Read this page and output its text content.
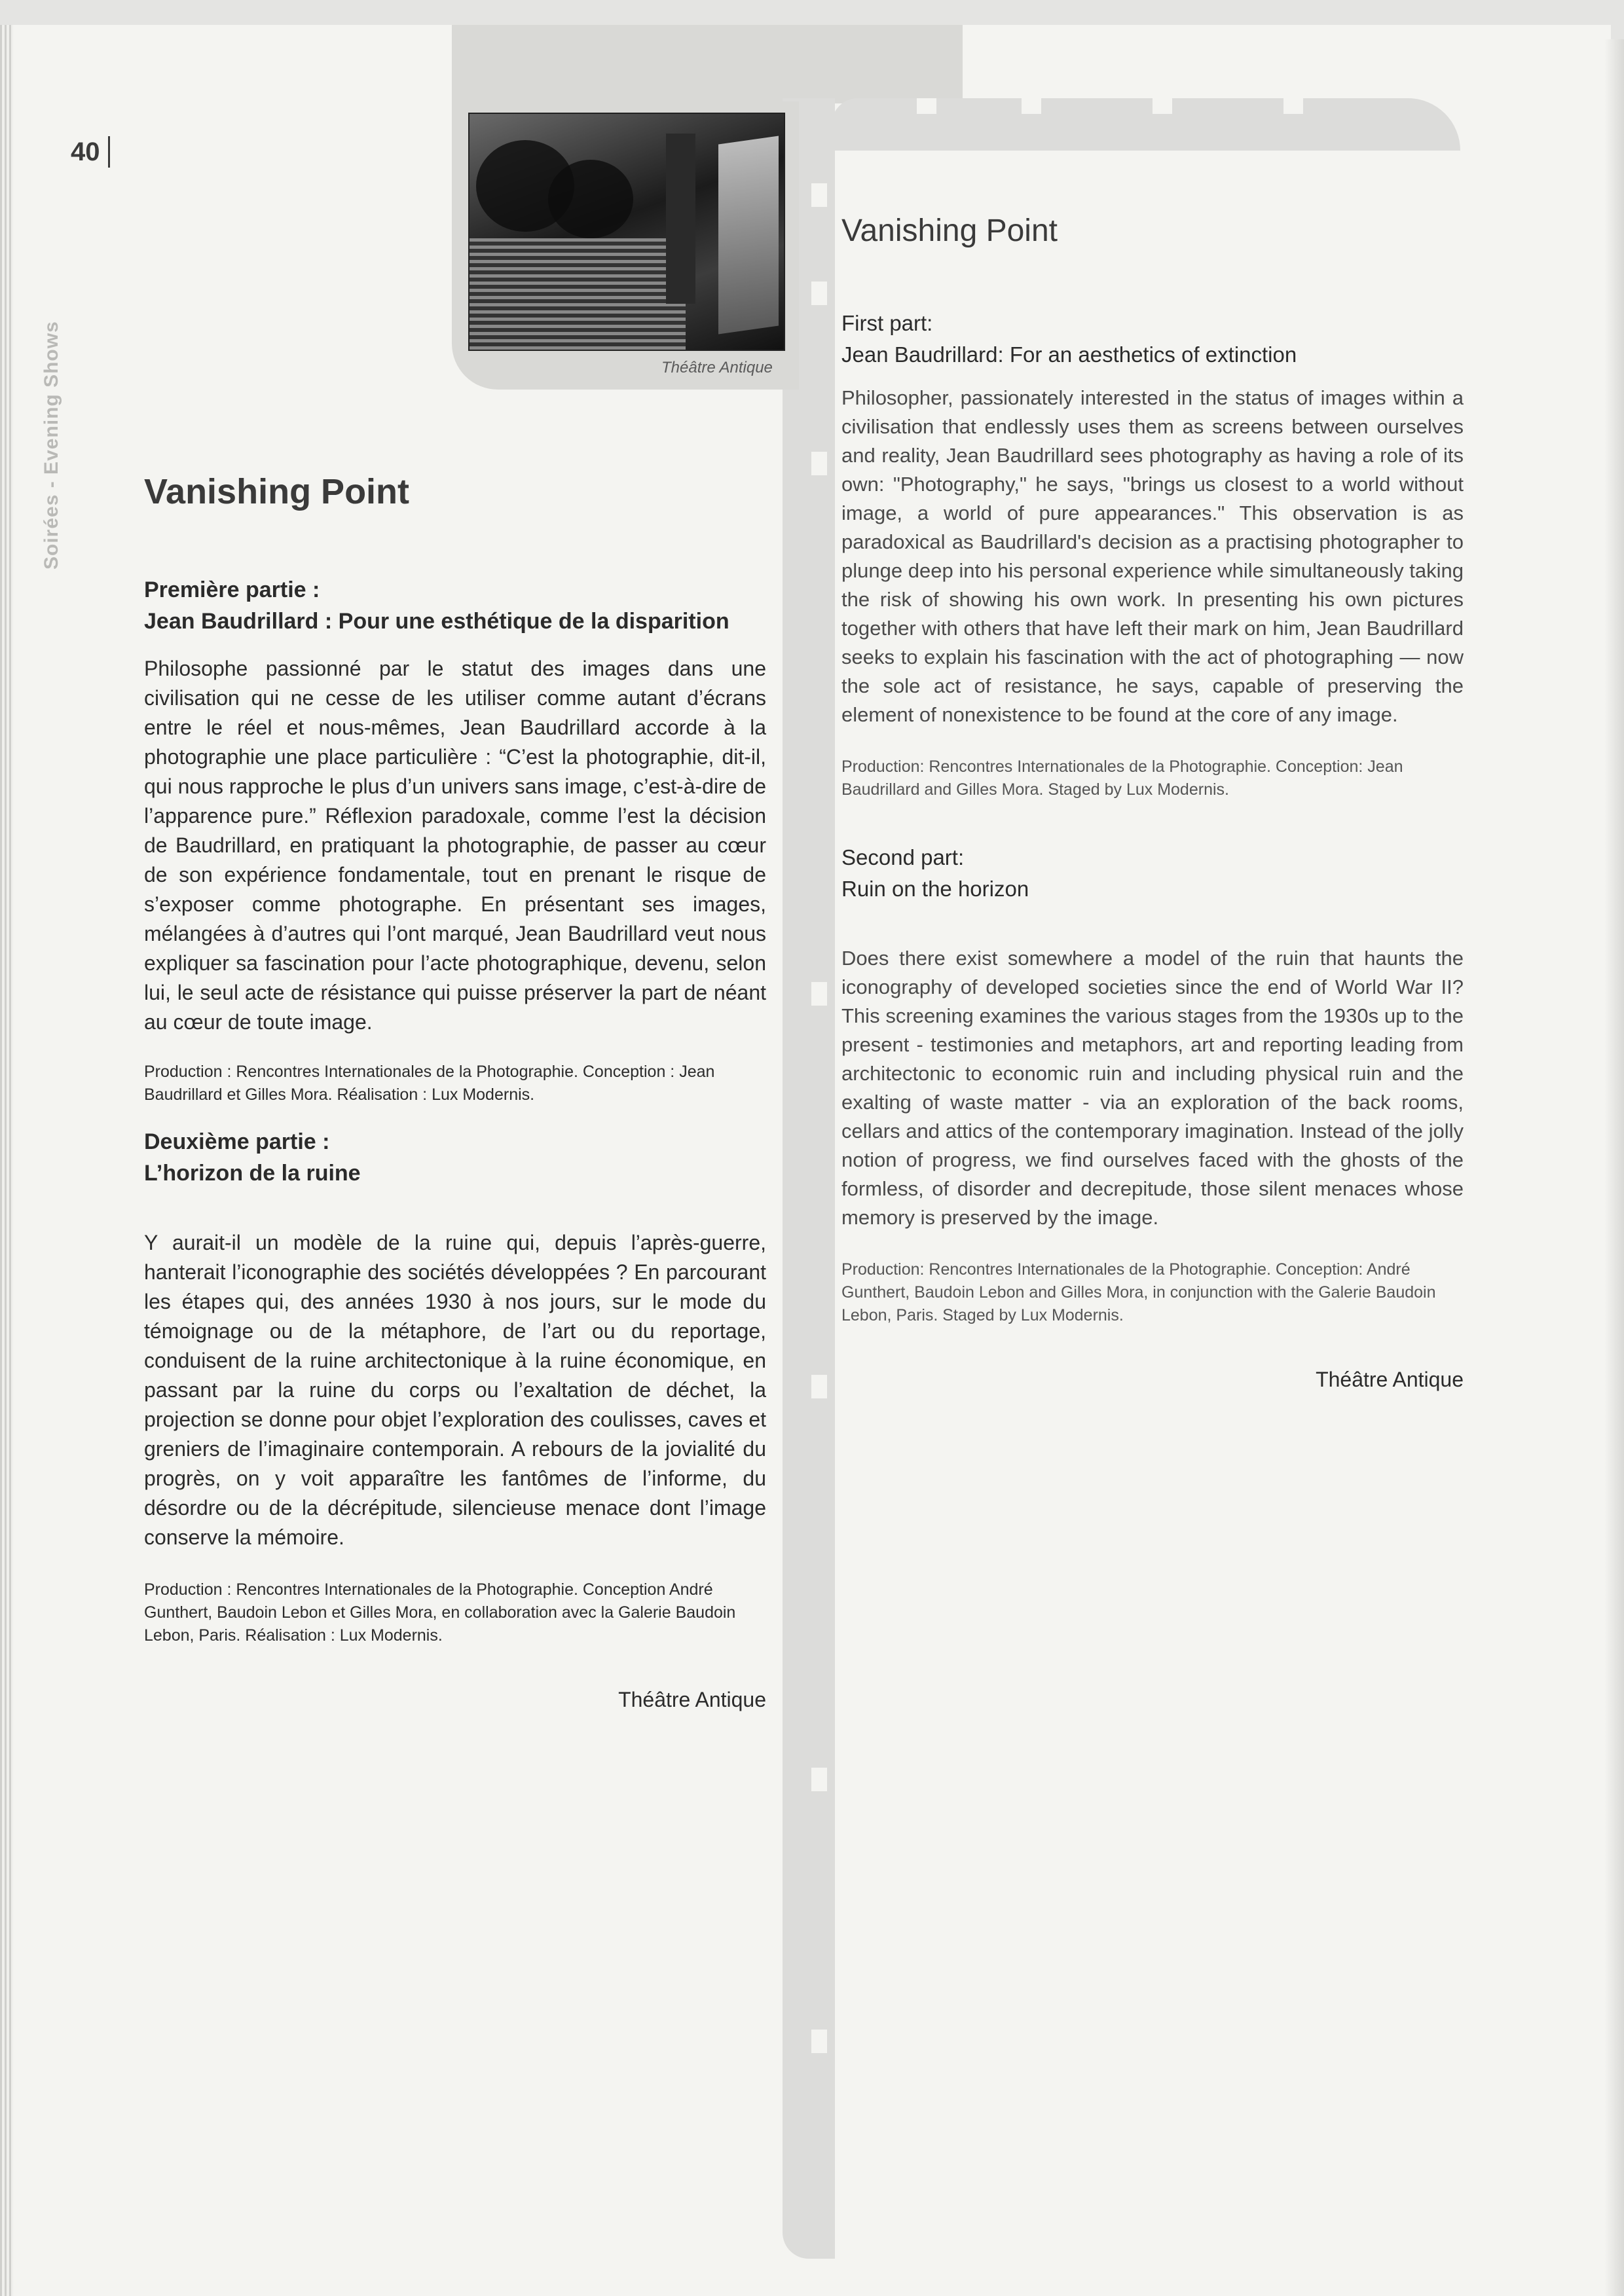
Théâtre Antique
Soirées - Evening Shows
40
Vanishing Point
Première partie :
Jean Baudrillard : Pour une esthétique de la disparition

Philosophe passionné par le statut des images dans une civilisation qui ne cesse de les utiliser comme autant d’écrans entre le réel et nous-mêmes, Jean Baudrillard accorde à la photographie une place particulière : “C’est la photographie, dit-il, qui nous rapproche le plus d’un univers sans image, c’est-à-dire de l’apparence pure.” Réflexion paradoxale, comme l’est la décision de Baudrillard, en pratiquant la photographie, de passer au cœur de son expérience fondamentale, tout en prenant le risque de s’exposer comme photographe. En présentant ses images, mélangées à d’autres qui l’ont marqué, Jean Baudrillard veut nous expliquer sa fascination pour l’acte photographique, devenu, selon lui, le seul acte de résistance qui puisse préserver la part de néant au cœur de toute image.

Production : Rencontres Internationales de la Photographie. Conception : Jean Baudrillard et Gilles Mora. Réalisation : Lux Modernis.

Deuxième partie :
L’horizon de la ruine

Y aurait-il un modèle de la ruine qui, depuis l’après-guerre, hanterait l’iconographie des sociétés développées ? En parcourant les étapes qui, des années 1930 à nos jours, sur le mode du témoignage ou de la métaphore, de l’art ou du reportage, conduisent de la ruine architectonique à la ruine économique, en passant par la ruine du corps ou l’exaltation de déchet, la projection se donne pour objet l’exploration des coulisses, caves et greniers de l’imaginaire contemporain. A rebours de la jovialité du progrès, on y voit apparaître les fantômes de l’informe, du désordre ou de la décrépitude, silencieuse menace dont l’image conserve la mémoire.

Production : Rencontres Internationales de la Photographie. Conception André Gunthert, Baudoin Lebon et Gilles Mora, en collaboration avec la Galerie Baudoin Lebon, Paris. Réalisation : Lux Modernis.

Théâtre Antique

Vanishing Point
First part:
Jean Baudrillard: For an aesthetics of extinction

Philosopher, passionately interested in the status of images within a civilisation that endlessly uses them as screens between ourselves and reality, Jean Baudrillard sees photography as having a role of its own: "Photography," he says, "brings us closest to a world without image, a world of pure appearances." This observation is as paradoxical as Baudrillard's decision as a practising photographer to plunge deep into his personal experience while simultaneously taking the risk of showing his own work. In presenting his own pictures together with others that have left their mark on him, Jean Baudrillard seeks to explain his fascination with the act of photographing — now the sole act of resistance, he says, capable of preserving the element of nonexistence to be found at the core of any image.

Production: Rencontres Internationales de la Photographie. Conception: Jean Baudrillard and Gilles Mora. Staged by Lux Modernis.

Second part:
Ruin on the horizon

Does there exist somewhere a model of the ruin that haunts the iconography of developed societies since the end of World War II? This screening examines the various stages from the 1930s up to the present - testimonies and metaphors, art and reporting leading from architectonic to economic ruin and including physical ruin and the exalting of waste matter - via an exploration of the back rooms, cellars and attics of the contemporary imagination. Instead of the jolly notion of progress, we find ourselves faced with the ghosts of the formless, of disorder and decrepitude, those silent menaces whose memory is preserved by the image.

Production: Rencontres Internationales de la Photographie. Conception: André Gunthert, Baudoin Lebon and Gilles Mora, in conjunction with the Galerie Baudoin Lebon, Paris. Staged by Lux Modernis.

Théâtre Antique
